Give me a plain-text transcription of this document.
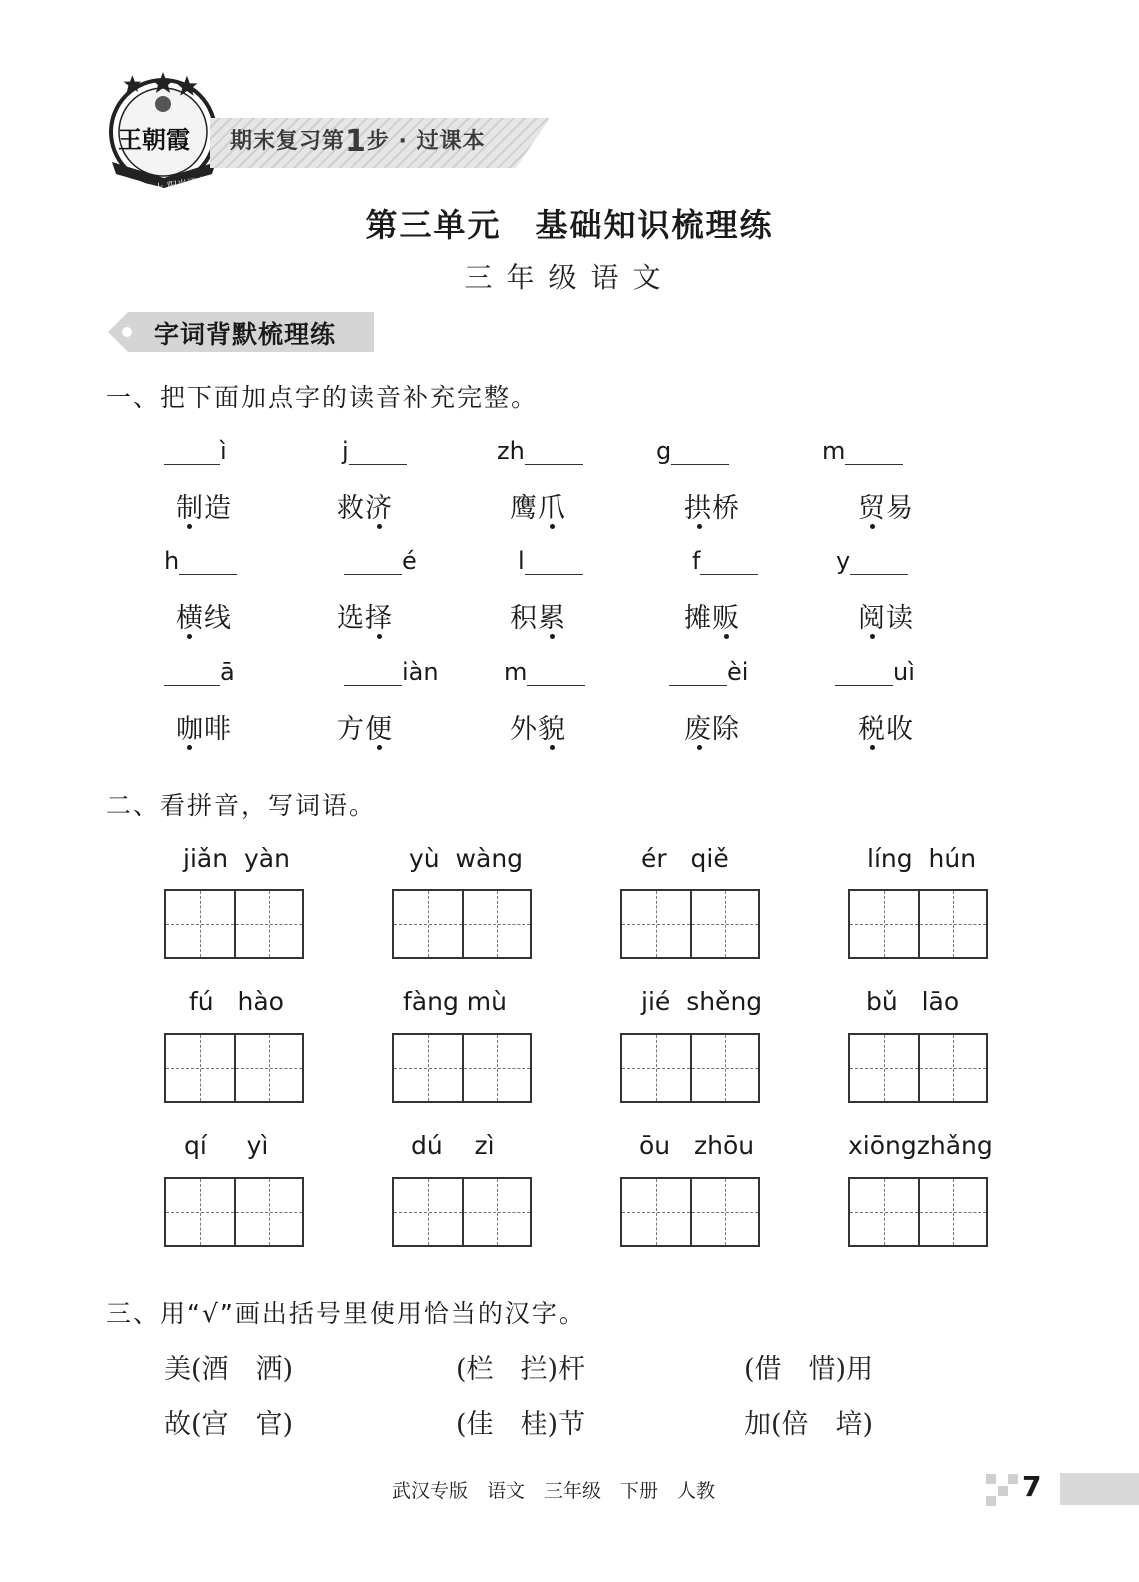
王朝霞
成长路上 阳光语文
期末复习第1步 · 过课本
第三单元　基础知识梳理练
三年级语文
字词背默梳理练
一、把下面加点字的读音补充完整。
ì	j	zh	g	m
制造	救济	鹰爪	拱桥	贸易
h	é	l	f	y
横线	选择	积累	摊贩	阅读
ā	iàn	m	èi	uì
咖啡	方便	外貌	废除	税收
二、看拼音，写词语。
jiǎn yàn	yù wàng	ér qiě	líng hún
fú hào	fàng mù	jié shěng	bǔ lāo
qí yì	dú zì	ōu zhōu	xiōngzhǎng
三、用“√”画出括号里使用恰当的汉字。
美(酒　洒)	(栏　拦)杆	(借　惜)用
故(宫　官)	(佳　桂)节	加(倍　培)
武汉专版　语文　三年级　下册　人教	7
